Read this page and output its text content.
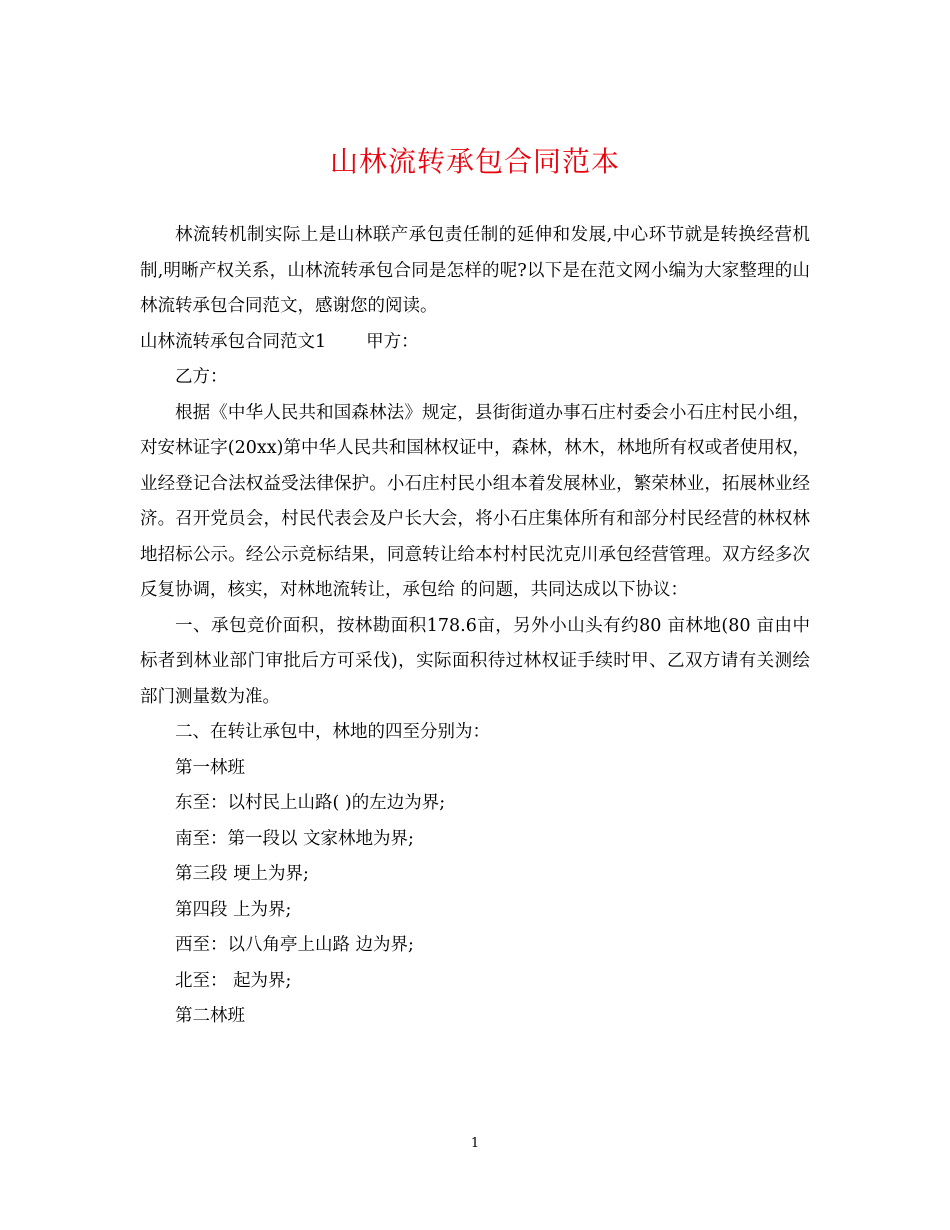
山林流转承包合同范本

林流转机制实际上是山林联产承包责任制的延伸和发展,中心环节就是转换经营机制,明晰产权关系，山林流转承包合同是怎样的呢?以下是在范文网小编为大家整理的山林流转承包合同范文，感谢您的阅读。

山林流转承包合同范文1 甲方：

乙方：

根据《中华人民共和国森林法》规定，县街街道办事石庄村委会小石庄村民小组，对安林证字(20xx)第中华人民共和国林权证中，森林，林木，林地所有权或者使用权，业经登记合法权益受法律保护。小石庄村民小组本着发展林业，繁荣林业，拓展林业经济。召开党员会，村民代表会及户长大会，将小石庄集体所有和部分村民经营的林权林地招标公示。经公示竞标结果，同意转让给本村村民沈克川承包经营管理。双方经多次反复协调，核实，对林地流转让，承包给 的问题，共同达成以下协议：

一、承包竞价面积，按林勘面积178.6亩，另外小山头有约80 亩林地(80 亩由中标者到林业部门审批后方可采伐)，实际面积待过林权证手续时甲、乙双方请有关测绘部门测量数为准。

二、在转让承包中，林地的四至分别为：

第一林班

东至：以村民上山路( )的左边为界;

南至：第一段以 文家林地为界;

第三段 埂上为界;

第四段 上为界;

西至：以八角亭上山路 边为界;

北至： 起为界;

第二林班

1
